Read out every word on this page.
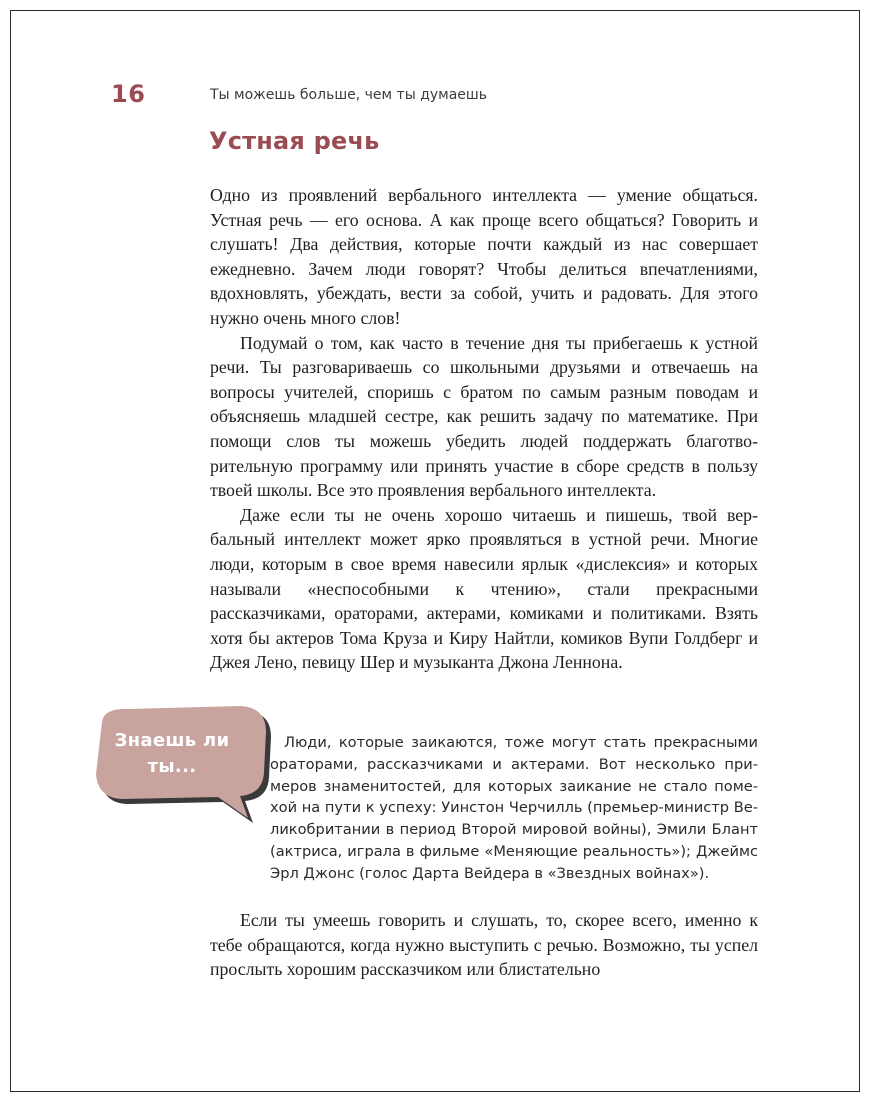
16	Ты можешь больше, чем ты думаешь
Устная речь

Одно из проявлений вербального интеллекта — умение общаться. Устная речь — его основа. А как проще всего общаться? Говорить и слушать! Два действия, которые почти каждый из нас совершает ежедневно. Зачем люди говорят? Чтобы делиться впечатлениями, вдохновлять, убеждать, вести за собой, учить и радовать. Для этого нужно очень много слов!

Подумай о том, как часто в течение дня ты прибегаешь к устной речи. Ты разговариваешь со школьными друзьями и отвечаешь на вопросы учителей, споришь с братом по самым разным поводам и объясняешь младшей сестре, как решить задачу по математике. При помощи слов ты можешь убедить людей поддержать благотворительную программу или принять участие в сборе средств в пользу твоей школы. Все это проявления вербального интеллекта.

Даже если ты не очень хорошо читаешь и пишешь, твой вербальный интеллект может ярко проявляться в устной речи. Многие люди, которым в свое время навесили ярлык «дислексия» и которых называли «неспособными к чтению», стали прекрасными рассказчиками, ораторами, актерами, комиками и политиками. Взять хотя бы актеров Тома Круза и Киру Найтли, комиков Вупи Голдберг и Джея Лено, певицу Шер и музыканта Джона Леннона.

Знаешь ли ты...

Люди, которые заикаются, тоже могут стать прекрасными ораторами, рассказчиками и актерами. Вот несколько примеров знаменитостей, для которых заикание не стало помехой на пути к успеху: Уинстон Черчилль (премьер-министр Великобритании в период Второй мировой войны), Эмили Блант (актриса, играла в фильме «Меняющие реальность»); Джеймс Эрл Джонс (голос Дарта Вейдера в «Звездных войнах»).

Если ты умеешь говорить и слушать, то, скорее всего, именно к тебе обращаются, когда нужно выступить с речью. Возможно, ты успел прослыть хорошим рассказчиком или блистательно
